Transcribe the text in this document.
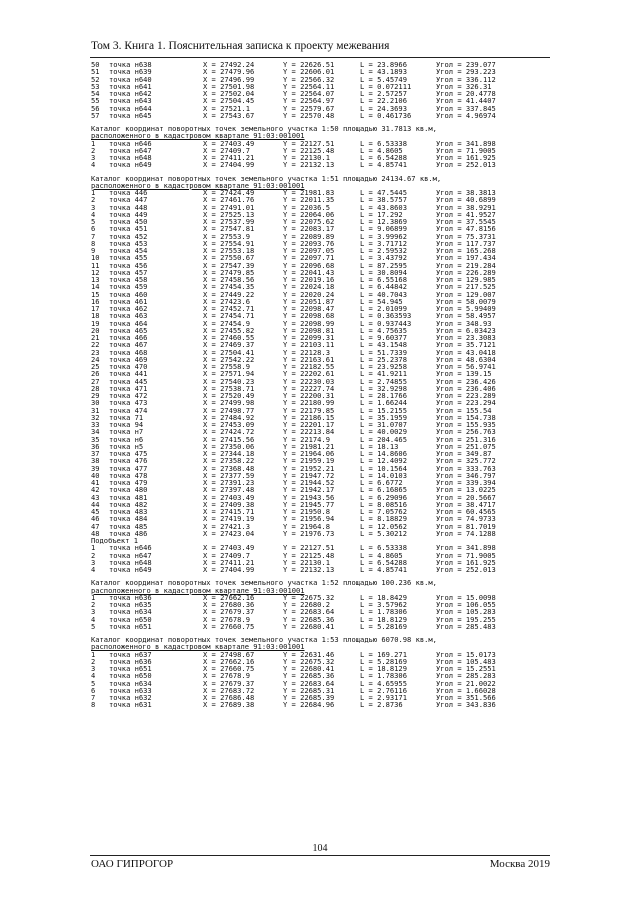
Том 3. Книга 1. Пояснительная записка к проекту межевания
50 точка н638	X = 27492.24	Y = 22626.51	L = 23.8966	Угол = 239.077
51 точка н639	X = 27479.96	Y = 22606.01	L = 43.1893	Угол = 293.223
52 точка н640	X = 27496.99	Y = 22566.32	L = 5.45749	Угол = 336.112
53 точка н641	X = 27501.98	Y = 22564.11	L = 0.072111	Угол = 326.31
54 точка н642	X = 27502.04	Y = 22564.07	L = 2.57257	Угол = 20.4778
55 точка н643	X = 27504.45	Y = 22564.97	L = 22.2106	Угол = 41.4407
56 точка н644	X = 27521.1	Y = 22579.67	L = 24.3693	Угол = 337.845
57 точка н645	X = 27543.67	Y = 22570.48	L = 0.461736	Угол = 4.96974
Каталог координат поворотных точек земельного участка 1:50 площадью 31.7813 кв.м,
расположенного в кадастровом квартале 91:03:001001
1 точка н646	X = 27403.49	Y = 22127.51	L = 6.53338	Угол = 341.898
2 точка н647	X = 27409.7	Y = 22125.48	L = 4.8605	Угол = 71.9005
3 точка н648	X = 27411.21	Y = 22130.1	L = 6.54288	Угол = 161.925
4 точка н649	X = 27404.99	Y = 22132.13	L = 4.85741	Угол = 252.013
Каталог координат поворотных точек земельного участка 1:51 площадью 24134.67 кв.м,
расположенного в кадастровом квартале 91:03:001001
1 точка 446	X = 27424.49	Y = 21981.83	L = 47.5445	Угол = 38.3813
2 точка 447	X = 27461.76	Y = 22011.35	L = 38.5757	Угол = 40.6899
3 точка 448	X = 27491.01	Y = 22036.5	L = 43.8603	Угол = 38.9291
4 точка 449	X = 27525.13	Y = 22064.06	L = 17.292	Угол = 41.9527
5 точка 450	X = 27537.99	Y = 22075.62	L = 12.3869	Угол = 37.5545
6 точка 451	X = 27547.81	Y = 22083.17	L = 9.06899	Угол = 47.8156
7 точка 452	X = 27553.9	Y = 22089.89	L = 3.99962	Угол = 75.3731
8 точка 453	X = 27554.91	Y = 22093.76	L = 3.71712	Угол = 117.737
9 точка 454	X = 27553.18	Y = 22097.05	L = 2.59532	Угол = 165.268
10 точка 455	X = 27550.67	Y = 22097.71	L = 3.43792	Угол = 197.434
11 точка 456	X = 27547.39	Y = 22096.68	L = 87.2595	Угол = 219.284
12 точка 457	X = 27479.85	Y = 22041.43	L = 30.8094	Угол = 226.289
13 точка 458	X = 27458.56	Y = 22019.16	L = 6.55168	Угол = 129.985
14 точка 459	X = 27454.35	Y = 22024.18	L = 6.44842	Угол = 217.525
15 точка 460	X = 27449.22	Y = 22020.24	L = 40.7043	Угол = 129.007
16 точка 461	X = 27423.6	Y = 22051.87	L = 54.945	Угол = 58.0079
17 точка 462	X = 27452.71	Y = 22098.47	L = 2.01099	Угол = 5.99409
18 точка 463	X = 27454.71	Y = 22098.68	L = 0.363593	Угол = 58.4957
19 точка 464	X = 27454.9	Y = 22098.99	L = 0.937443	Угол = 348.93
20 точка 465	X = 27455.82	Y = 22098.81	L = 4.75635	Угол = 6.03423
21 точка 466	X = 27460.55	Y = 22099.31	L = 9.60377	Угол = 23.3083
22 точка 467	X = 27469.37	Y = 22103.11	L = 43.1548	Угол = 35.7121
23 точка 468	X = 27504.41	Y = 22128.3	L = 51.7339	Угол = 43.0418
24 точка 469	X = 27542.22	Y = 22163.61	L = 25.2378	Угол = 48.6304
25 точка 470	X = 27558.9	Y = 22182.55	L = 23.9258	Угол = 56.9741
26 точка 441	X = 27571.94	Y = 22202.61	L = 41.9211	Угол = 139.15
27 точка 445	X = 27540.23	Y = 22230.03	L = 2.74855	Угол = 236.426
28 точка 471	X = 27538.71	Y = 22227.74	L = 32.9298	Угол = 236.406
29 точка 472	X = 27520.49	Y = 22200.31	L = 28.1766	Угол = 223.289
30 точка 473	X = 27499.98	Y = 22180.99	L = 1.66244	Угол = 223.294
31 точка 474	X = 27498.77	Y = 22179.85	L = 15.2155	Угол = 155.54
32 точка 71	X = 27484.92	Y = 22186.15	L = 35.1959	Угол = 154.738
33 точка 94	X = 27453.09	Y = 22201.17	L = 31.0707	Угол = 155.935
34 точка н7	X = 27424.72	Y = 22213.84	L = 40.0029	Угол = 256.763
35 точка н6	X = 27415.56	Y = 22174.9	L = 204.465	Угол = 251.316
36 точка н5	X = 27350.06	Y = 21981.21	L = 18.13	Угол = 251.075
37 точка 475	X = 27344.18	Y = 21964.06	L = 14.8606	Угол = 349.87
38 точка 476	X = 27358.22	Y = 21959.19	L = 12.4092	Угол = 325.772
39 точка 477	X = 27368.48	Y = 21952.21	L = 10.1564	Угол = 333.763
40 точка 478	X = 27377.59	Y = 21947.72	L = 14.0103	Угол = 346.797
41 точка 479	X = 27391.23	Y = 21944.52	L = 6.6772	Угол = 339.394
42 точка 480	X = 27397.48	Y = 21942.17	L = 6.16865	Угол = 13.0225
43 точка 481	X = 27403.49	Y = 21943.56	L = 6.29096	Угол = 20.5667
44 точка 482	X = 27409.38	Y = 21945.77	L = 8.08516	Угол = 38.4717
45 точка 483	X = 27415.71	Y = 21950.8	L = 7.05762	Угол = 60.4565
46 точка 484	X = 27419.19	Y = 21956.94	L = 8.18829	Угол = 74.9733
47 точка 485	X = 27421.3	Y = 21964.8	L = 12.0562	Угол = 81.7019
48 точка 486	X = 27423.04	Y = 21976.73	L = 5.30212	Угол = 74.1288
Подобъект 1
1 точка н646	X = 27403.49	Y = 22127.51	L = 6.53338	Угол = 341.898
2 точка н647	X = 27409.7	Y = 22125.48	L = 4.8605	Угол = 71.9005
3 точка н648	X = 27411.21	Y = 22130.1	L = 6.54288	Угол = 161.925
4 точка н649	X = 27404.99	Y = 22132.13	L = 4.85741	Угол = 252.013
Каталог координат поворотных точек земельного участка 1:52 площадью 100.236 кв.м,
расположенного в кадастровом квартале 91:03:001001
1 точка н636	X = 27662.16	Y = 22675.32	L = 18.8429	Угол = 15.0098
2 точка н635	X = 27680.36	Y = 22680.2	L = 3.57962	Угол = 106.055
3 точка н634	X = 27679.37	Y = 22683.64	L = 1.78306	Угол = 105.283
4 точка н650	X = 27678.9	Y = 22685.36	L = 18.8129	Угол = 195.255
5 точка н651	X = 27660.75	Y = 22680.41	L = 5.28169	Угол = 285.483
Каталог координат поворотных точек земельного участка 1:53 площадью 6070.98 кв.м,
расположенного в кадастровом квартале 91:03:001001
1 точка н637	X = 27498.67	Y = 22631.46	L = 169.271	Угол = 15.0173
2 точка н636	X = 27662.16	Y = 22675.32	L = 5.28169	Угол = 105.483
3 точка н651	X = 27660.75	Y = 22680.41	L = 18.8129	Угол = 15.2551
4 точка н650	X = 27678.9	Y = 22685.36	L = 1.78306	Угол = 285.283
5 точка н634	X = 27679.37	Y = 22683.64	L = 4.65955	Угол = 21.0022
6 точка н633	X = 27683.72	Y = 22685.31	L = 2.76116	Угол = 1.66028
7 точка н632	X = 27686.48	Y = 22685.39	L = 2.93171	Угол = 351.566
8 точка н631	X = 27689.38	Y = 22684.96	L = 2.8736	Угол = 343.836
104
ОАО ГИПРОГОР	Москва 2019
